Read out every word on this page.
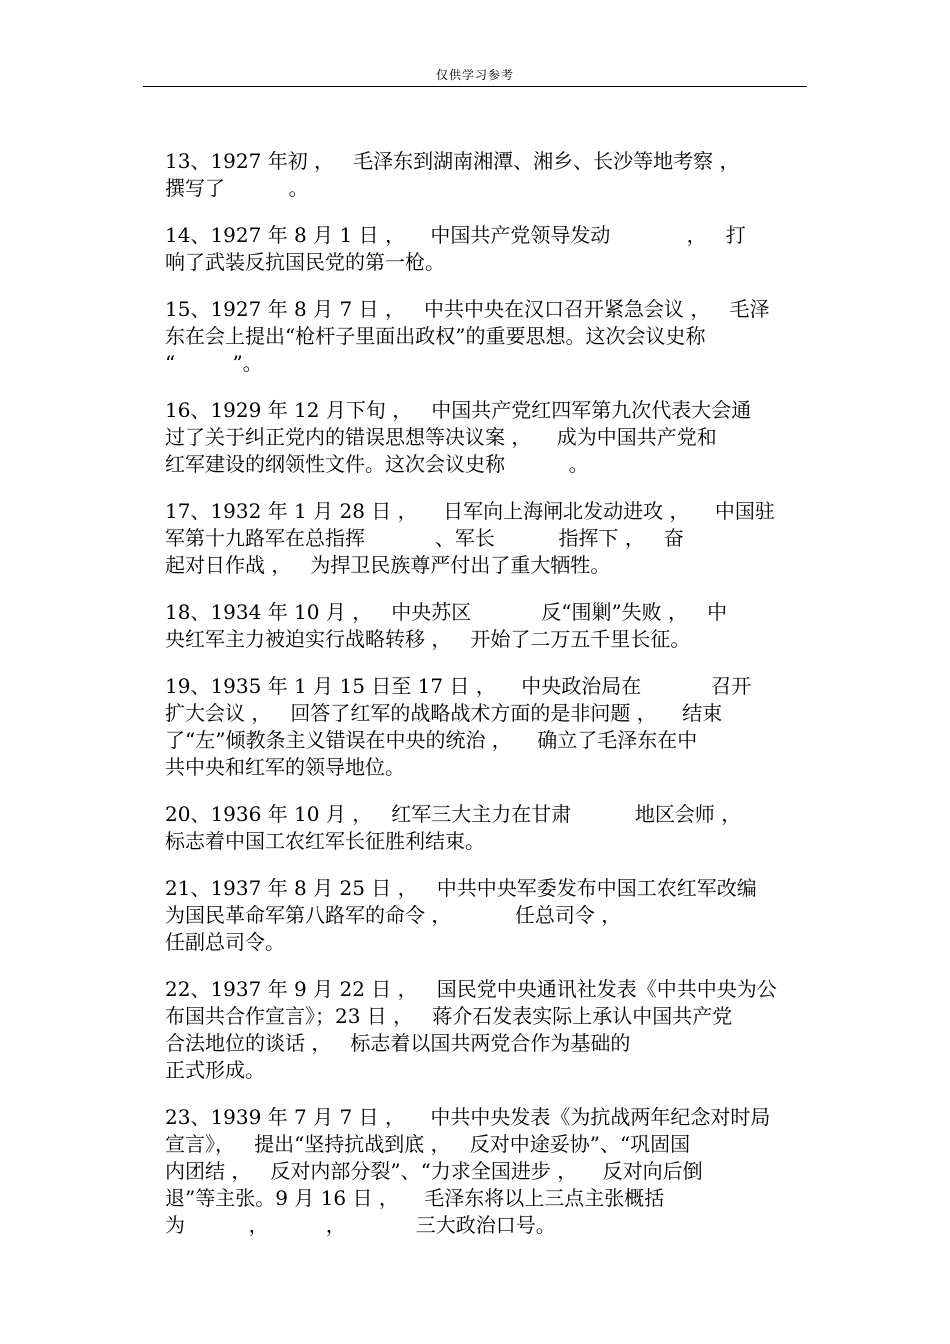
仅供学习参考
13、1927 年初 ，   毛泽东到湖南湘潭、湘乡、长沙等地考察 ，
撰写了          。
14、1927 年 8 月 1 日 ，    中国共产党领导发动            ，   打
响了武装反抗国民党的第一枪。
15、1927 年 8 月 7 日 ，   中共中央在汉口召开紧急会议 ，   毛泽
东在会上提出“枪杆子里面出政权”的重要思想。这次会议史称
“         ”。
16、1929 年 12 月下旬 ，   中国共产党红四军第九次代表大会通
过了关于纠正党内的错误思想等决议案 ，    成为中国共产党和
红军建设的纲领性文件。这次会议史称          。
17、1932 年 1 月 28 日 ，    日军向上海闸北发动进攻 ，    中国驻
军第十九路军在总指挥           、军长          指挥下 ，   奋
起对日作战 ，   为捍卫民族尊严付出了重大牺牲。
18、1934 年 10 月 ，   中央苏区           反“围剿”失败 ，   中
央红军主力被迫实行战略转移 ，   开始了二万五千里长征。
19、1935 年 1 月 15 日至 17 日 ，    中央政治局在           召开
扩大会议 ，   回答了红军的战略战术方面的是非问题 ，    结束
了“左”倾教条主义错误在中央的统治 ，    确立了毛泽东在中
共中央和红军的领导地位。
20、1936 年 10 月 ，   红军三大主力在甘肃          地区会师 ，
标志着中国工农红军长征胜利结束。
21、1937 年 8 月 25 日 ，   中共中央军委发布中国工农红军改编
为国民革命军第八路军的命令 ，          任总司令 ，
任副总司令。
22、1937 年 9 月 22 日 ，   国民党中央通讯社发表《中共中央为公
布国共合作宣言》；23 日 ，   蒋介石发表实际上承认中国共产党
合法地位的谈话 ，   标志着以国共两党合作为基础的
正式形成。
23、1939 年 7 月 7 日 ，    中共中央发表《为抗战两年纪念对时局
宣言》，   提出“坚持抗战到底 ，   反对中途妥协”、“巩固国
内团结 ，   反对内部分裂”、“力求全国进步 ，    反对向后倒
退”等主张。9 月 16 日 ，    毛泽东将以上三点主张概括
为          ，         ，           三大政治口号。
